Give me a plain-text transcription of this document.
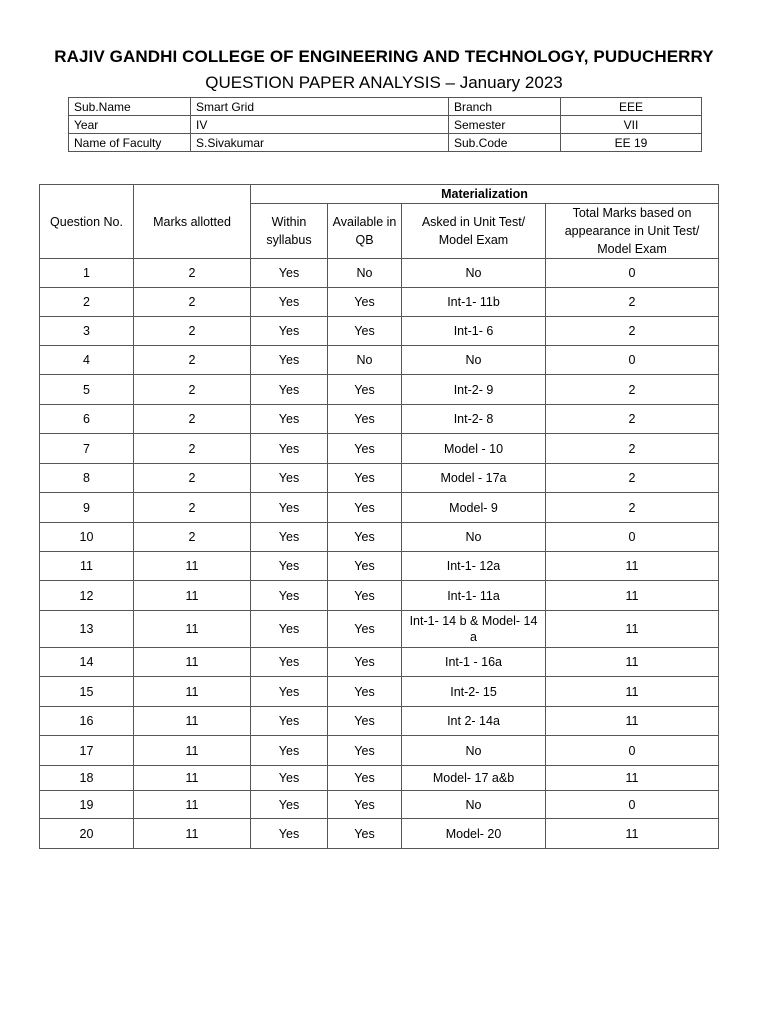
RAJIV GANDHI COLLEGE OF ENGINEERING AND TECHNOLOGY, PUDUCHERRY
QUESTION PAPER ANALYSIS – January 2023
Sub.Name	Smart Grid	Branch	EEE
Year	IV	Semester	VII
Name of Faculty	S.Sivakumar	Sub.Code	EE 19
Question No.	Marks allotted	Materialization			
		Within syllabus	Available in QB	Asked in Unit Test/ Model Exam	Total Marks based on appearance in Unit Test/ Model Exam
1	2	Yes	No	No	0
2	2	Yes	Yes	Int-1- 11b	2
3	2	Yes	Yes	Int-1- 6	2
4	2	Yes	No	No	0
5	2	Yes	Yes	Int-2- 9	2
6	2	Yes	Yes	Int-2- 8	2
7	2	Yes	Yes	Model - 10	2
8	2	Yes	Yes	Model - 17a	2
9	2	Yes	Yes	Model- 9	2
10	2	Yes	Yes	No	0
11	11	Yes	Yes	Int-1- 12a	11
12	11	Yes	Yes	Int-1- 11a	11
13	11	Yes	Yes	Int-1- 14 b & Model- 14 a	11
14	11	Yes	Yes	Int-1 - 16a	11
15	11	Yes	Yes	Int-2- 15	11
16	11	Yes	Yes	Int 2- 14a	11
17	11	Yes	Yes	No	0
18	11	Yes	Yes	Model- 17 a&b	11
19	11	Yes	Yes	No	0
20	11	Yes	Yes	Model- 20	11
